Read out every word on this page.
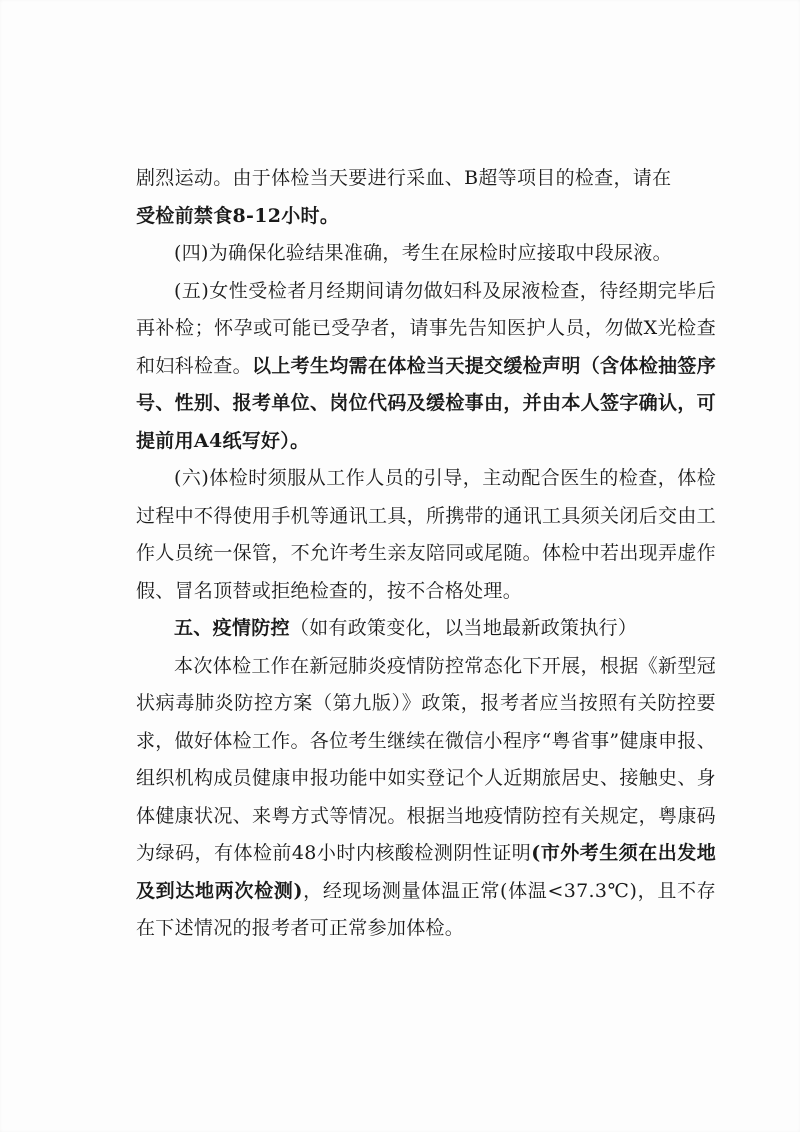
剧烈运动。由于体检当天要进行采血、B超等项目的检查，请在
受检前禁食8-12小时。

(四)为确保化验结果准确，考生在尿检时应接取中段尿液。

(五)女性受检者月经期间请勿做妇科及尿液检查，待经期完毕后再补检；怀孕或可能已受孕者，请事先告知医护人员，勿做X光检查和妇科检查。以上考生均需在体检当天提交缓检声明（含体检抽签序号、性别、报考单位、岗位代码及缓检事由，并由本人签字确认，可提前用A4纸写好）。

(六)体检时须服从工作人员的引导，主动配合医生的检查，体检过程中不得使用手机等通讯工具，所携带的通讯工具须关闭后交由工作人员统一保管，不允许考生亲友陪同或尾随。体检中若出现弄虚作假、冒名顶替或拒绝检查的，按不合格处理。

五、疫情防控（如有政策变化，以当地最新政策执行）

本次体检工作在新冠肺炎疫情防控常态化下开展，根据《新型冠状病毒肺炎防控方案（第九版）》政策，报考者应当按照有关防控要求，做好体检工作。各位考生继续在微信小程序“粤省事”健康申报、组织机构成员健康申报功能中如实登记个人近期旅居史、接触史、身体健康状况、来粤方式等情况。根据当地疫情防控有关规定，粤康码为绿码，有体检前48小时内核酸检测阴性证明(市外考生须在出发地及到达地两次检测)，经现场测量体温正常(体温<37.3℃)，且不存在下述情况的报考者可正常参加体检。
